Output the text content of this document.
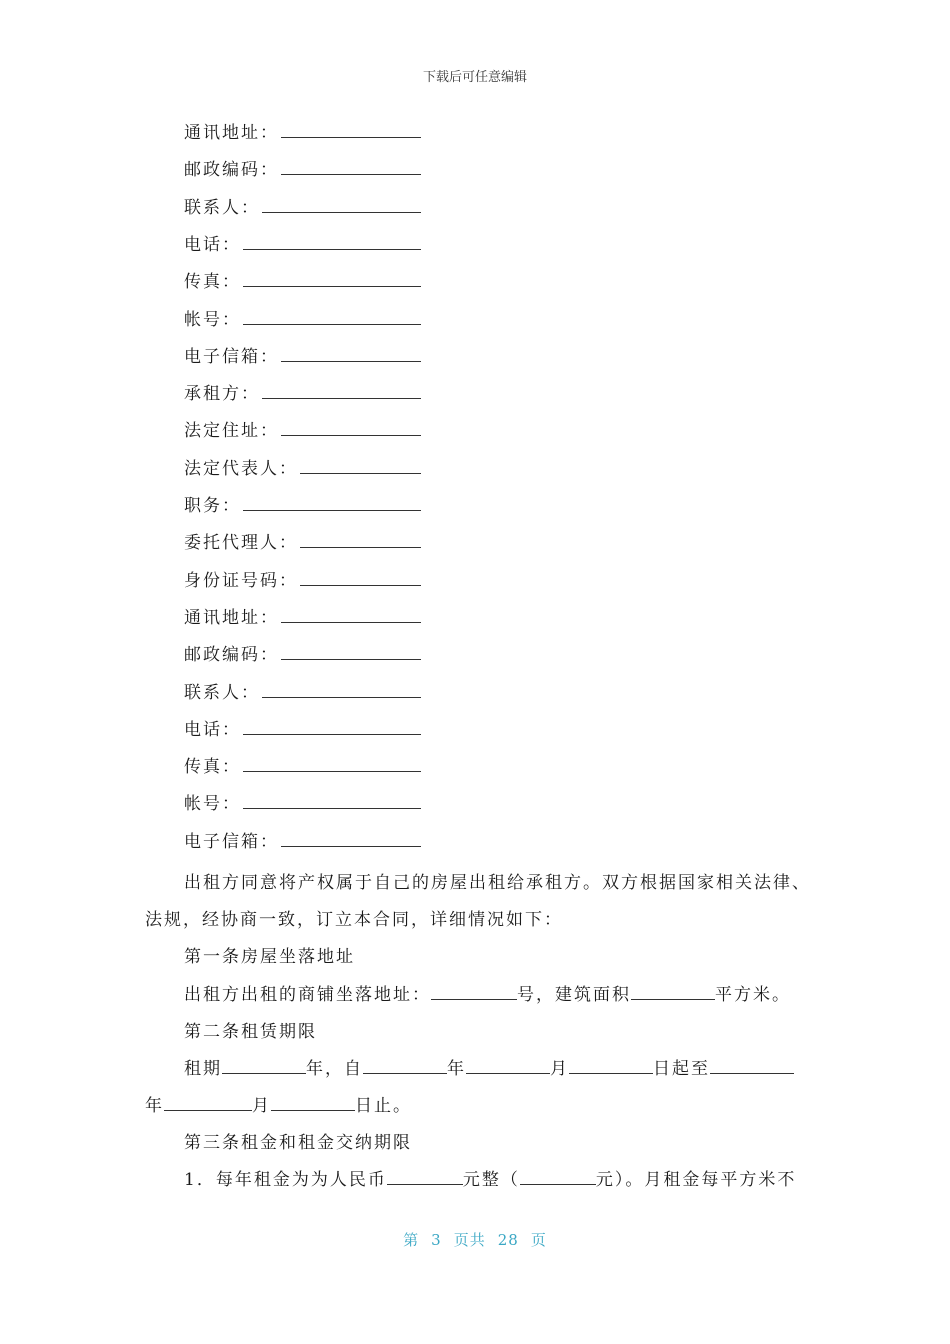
下载后可任意编辑
通讯地址：
邮政编码：
联系人：
电话：
传真：
帐号：
电子信箱：
承租方：
法定住址：
法定代表人：
职务：
委托代理人：
身份证号码：
通讯地址：
邮政编码：
联系人：
电话：
传真：
帐号：
电子信箱：
出租方同意将产权属于自己的房屋出租给承租方。双方根据国家相关法律、
法规，经协商一致，订立本合同，详细情况如下：
第一条房屋坐落地址
出租方出租的商铺坐落地址：	号，建筑面积	平方米。
第二条租赁期限
租期	年，自	年	月	日起至
年	月	日止。
第三条租金和租金交纳期限
1．每年租金为为人民币	元整（	元）。月租金每平方米不
第 3 页共 28 页
